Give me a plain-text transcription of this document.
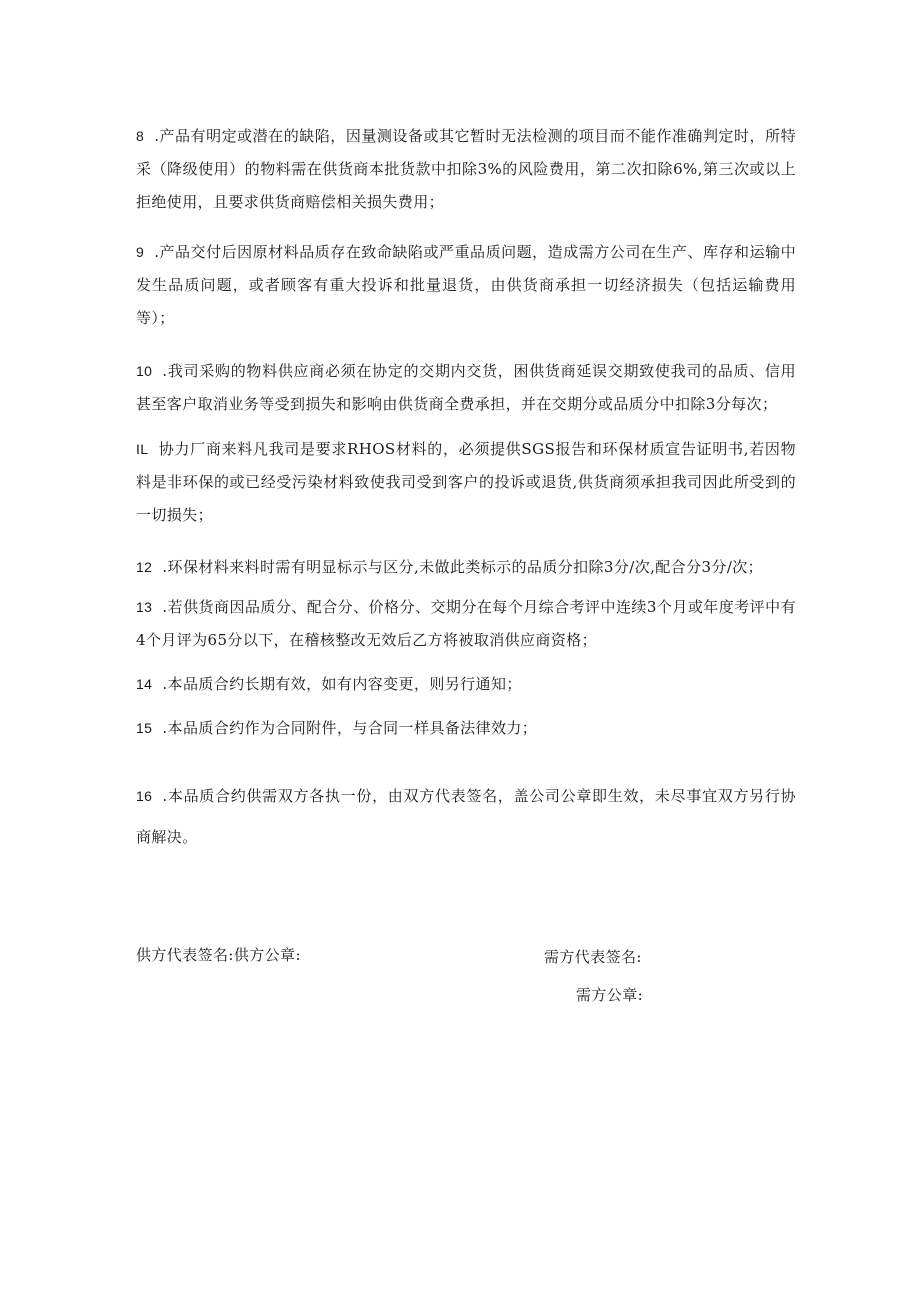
8 .产品有明定或潜在的缺陷，因量测设备或其它暂时无法检测的项目而不能作准确判定时，所特采（降级使用）的物料需在供货商本批货款中扣除3%的风险费用，第二次扣除6%,第三次或以上拒绝使用，且要求供货商赔偿相关损失费用；

9 .产品交付后因原材料品质存在致命缺陷或严重品质问题，造成需方公司在生产、库存和运输中发生品质问题，或者顾客有重大投诉和批量退货，由供货商承担一切经济损失（包括运输费用等）；

10 .我司采购的物料供应商必须在协定的交期内交货，困供货商延误交期致使我司的品质、信用甚至客户取消业务等受到损失和影响由供货商全费承担，并在交期分或品质分中扣除3分每次；

IL 协力厂商来料凡我司是要求RHOS材料的，必须提供SGS报告和环保材质宣告证明书,若因物料是非环保的或已经受污染材料致使我司受到客户的投诉或退货,供货商须承担我司因此所受到的一切损失；

12 .环保材料来料时需有明显标示与区分,未做此类标示的品质分扣除3分/次,配合分3分/次；

13 .若供货商因品质分、配合分、价格分、交期分在每个月综合考评中连续3个月或年度考评中有4个月评为65分以下，在稽核整改无效后乙方将被取消供应商资格；

14 .本品质合约长期有效，如有内容变更，则另行通知；

15 .本品质合约作为合同附件，与合同一样具备法律效力；

16 .本品质合约供需双方各执一份，由双方代表签名，盖公司公章即生效，未尽事宜双方另行协商解决。

供方代表签名:供方公章:	需方代表签名:
需方公章:
